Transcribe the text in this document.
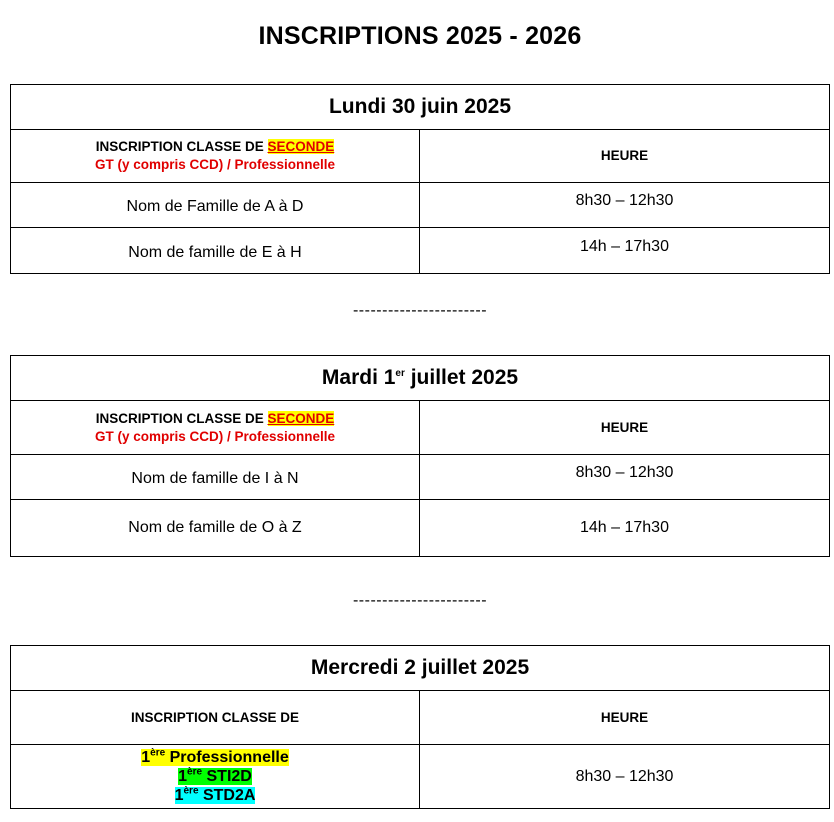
INSCRIPTIONS 2025 - 2026
Lundi 30 juin 2025	

INSCRIPTION CLASSE DE SECONDE
GT (y compris CCD) / Professionnelle	HEURE
Nom de Famille de A à D	8h30 – 12h30
Nom de famille de E à H	14h – 17h30
-----------------------
Mardi 1er juillet 2025	

INSCRIPTION CLASSE DE SECONDE
GT (y compris CCD) / Professionnelle	HEURE
Nom de famille de I à N	8h30 – 12h30
Nom de famille de O à Z	14h – 17h30
-----------------------
Mercredi 2 juillet 2025	
INSCRIPTION CLASSE DE	HEURE

1ère Professionnelle
1ère STI2D
1ère STD2A	8h30 – 12h30
